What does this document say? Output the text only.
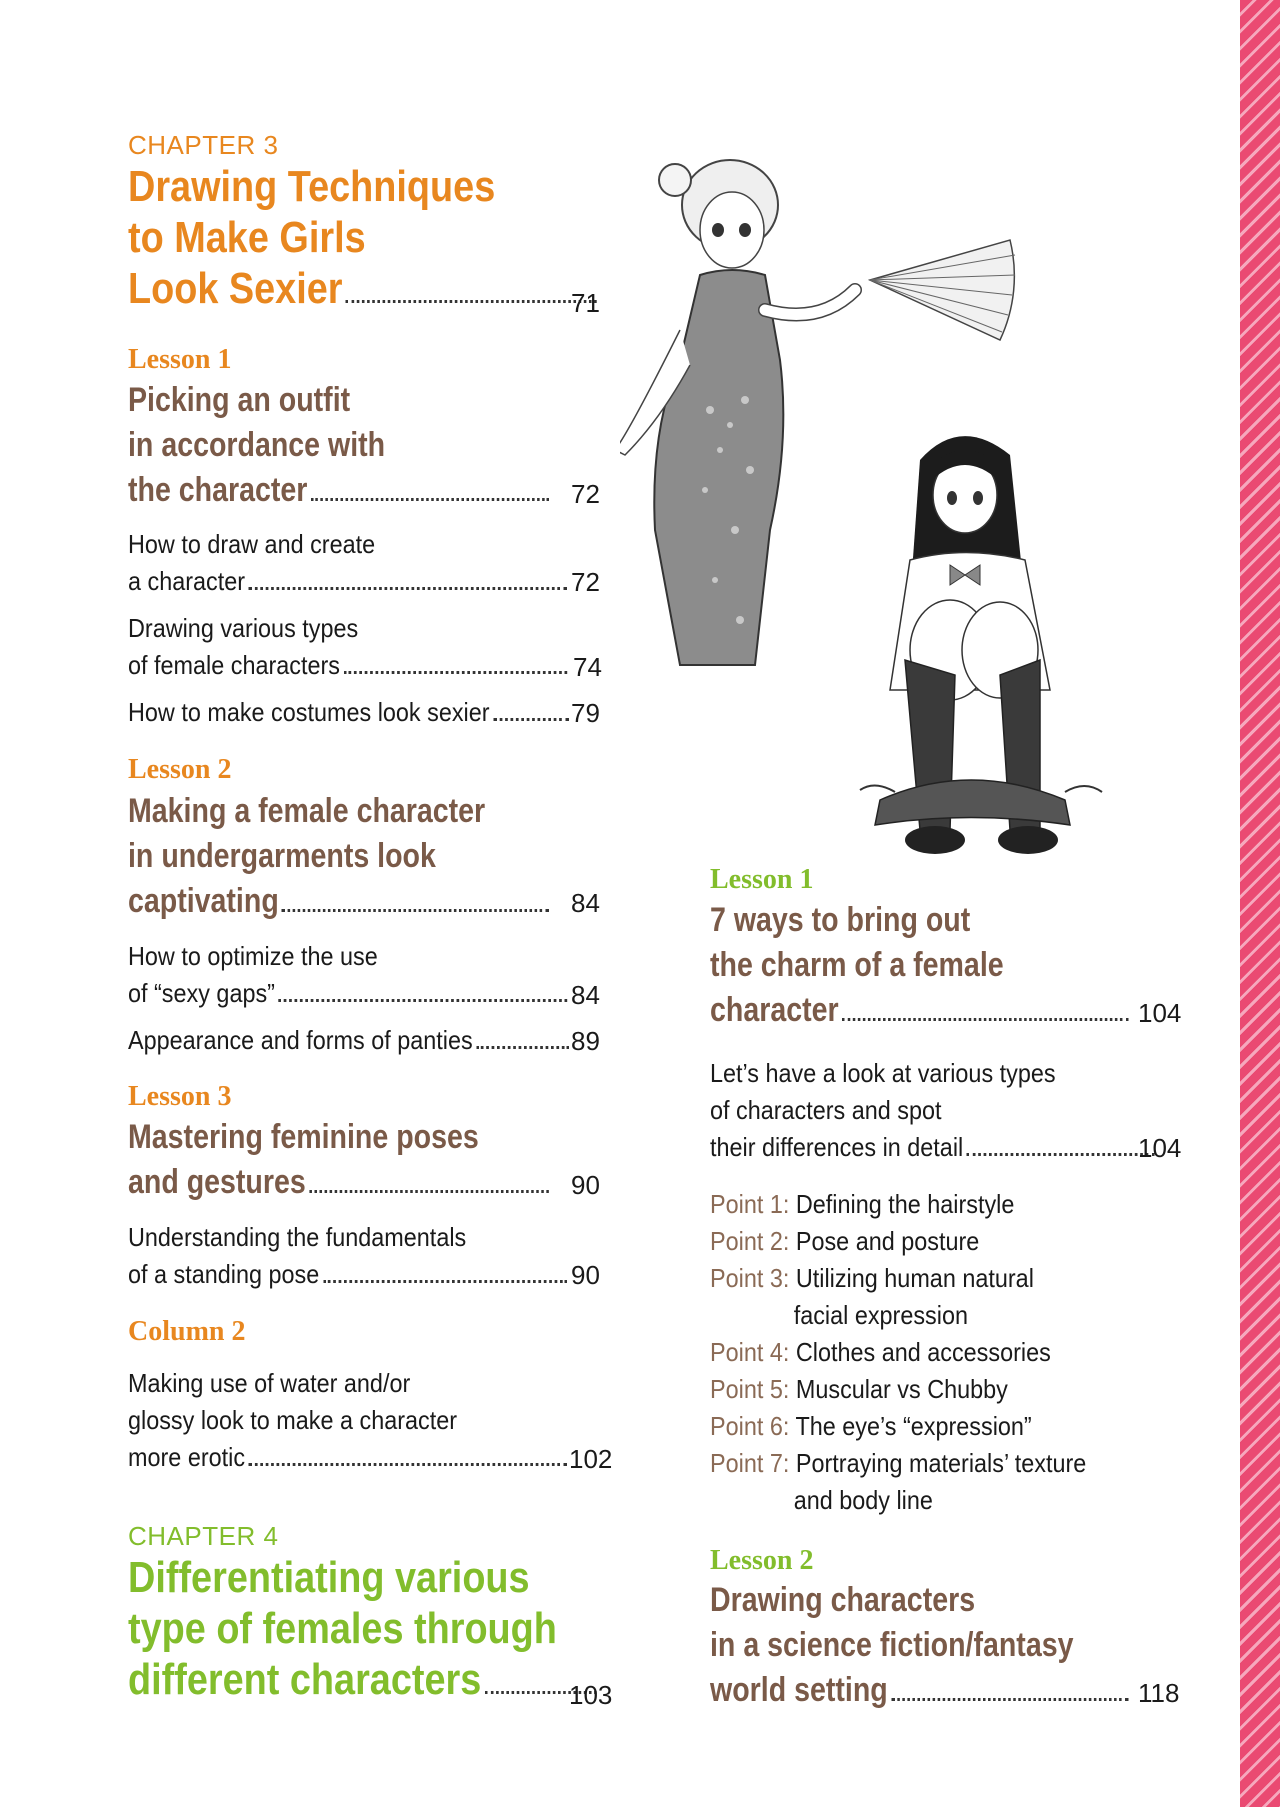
CHAPTER 3
Drawing Techniques
to Make Girls
Look Sexier	71
Lesson 1
Picking an outfit
in accordance with
the character	72
How to draw and create
a character	72
Drawing various types
of female characters	74
How to make costumes look sexier	79
Lesson 2
Making a female character
in undergarments look
captivating	84
How to optimize the use
of “sexy gaps”	84
Appearance and forms of panties	89
Lesson 3
Mastering feminine poses
and gestures	90
Understanding the fundamentals
of a standing pose	90
Column 2
Making use of water and/or
glossy look to make a character
more erotic	102
CHAPTER 4
Differentiating various
type of females through
different characters	103
Lesson 1
7 ways to bring out
the charm of a female
character	104
Let’s have a look at various types
of characters and spot
their differences in detail	104
Point 1: Defining the hairstyle
Point 2: Pose and posture
Point 3: Utilizing human natural
facial expression
Point 4: Clothes and accessories
Point 5: Muscular vs Chubby
Point 6: The eye’s “expression”
Point 7: Portraying materials’ texture
and body line
Lesson 2
Drawing characters
in a science fiction/fantasy
world setting	118
